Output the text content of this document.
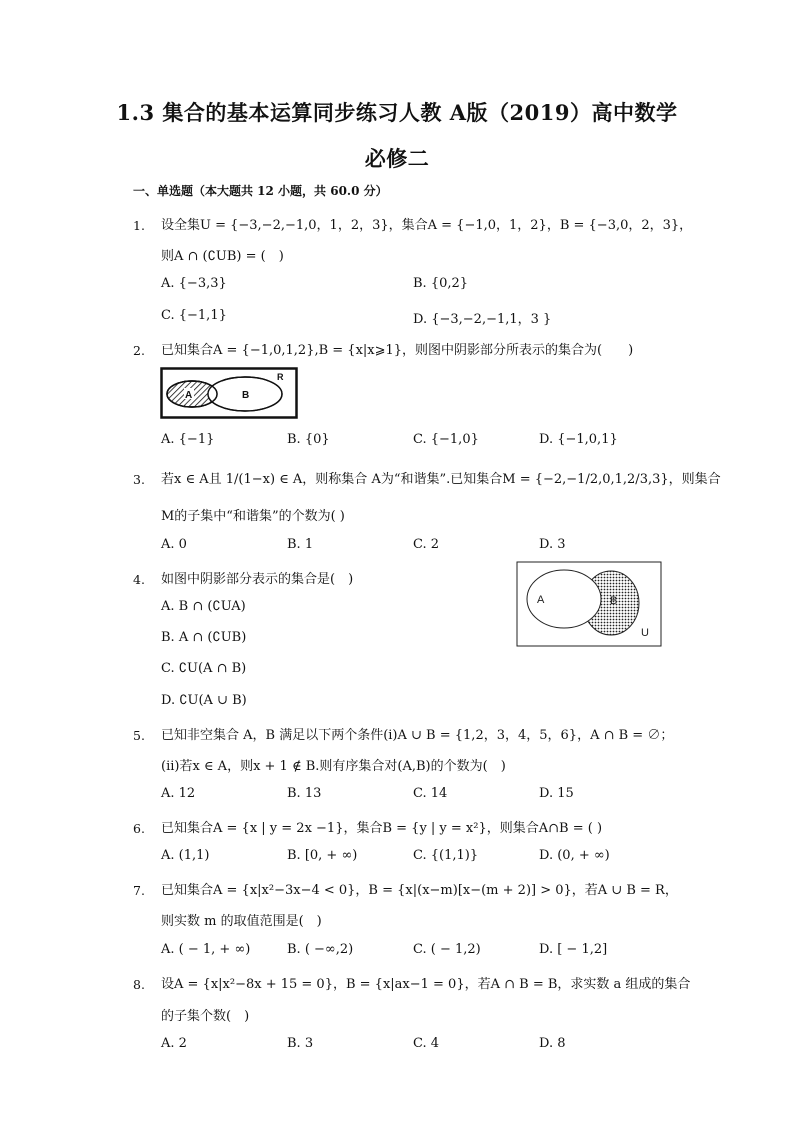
1.3 集合的基本运算同步练习人教 A版（2019）高中数学
必修二
一、单选题（本大题共 12 小题，共 60.0 分）
1. 设全集U = {−3,−2,−1,0，1，2，3}，集合A = {−1,0，1，2}，B = {−3,0，2，3}，
则A ∩ (∁UB) = (　)
A. {−3,3}	B. {0,2}
C. {−1,1}	D. {−3,−2,−1,1，3 }
2. 已知集合A = {−1,0,1,2},B = {x|x⩾1}，则图中阴影部分所表示的集合为(　　)
A	B
R
A. {−1}	B. {0}	C. {−1,0}	D. {−1,0,1}
3. 若x ∈ A且 1/(1−x) ∈ A，则称集合 A为“和谐集”.已知集合M = {−2,−1/2,0,1,2/3,3}，则集合
M的子集中“和谐集”的个数为( )
A. 0	B. 1	C. 2	D. 3
4. 如图中阴影部分表示的集合是(　)
A. B ∩ (∁UA)
B. A ∩ (∁UB)
C. ∁U(A ∩ B)
D. ∁U(A ∪ B)
A	B
U
5. 已知非空集合 A，B 满足以下两个条件(i)A ∪ B = {1,2，3，4，5，6}，A ∩ B = ∅；
(ii)若x ∈ A，则x + 1 ∉ B.则有序集合对(A,B)的个数为(　)
A. 12	B. 13	C. 14	D. 15
6. 已知集合A = {x | y = 2x −1}，集合B = {y | y = x²}，则集合A∩B = ( )
A. (1,1)	B. [0, + ∞)	C. {(1,1)}	D. (0, + ∞)
7. 已知集合A = {x|x²−3x−4 < 0}，B = {x|(x−m)[x−(m + 2)] > 0}，若A ∪ B = R，
则实数 m 的取值范围是(　)
A. ( − 1, + ∞)	B. ( −∞,2)	C. ( − 1,2)	D. [ − 1,2]
8. 设A = {x|x²−8x + 15 = 0}，B = {x|ax−1 = 0}，若A ∩ B = B，求实数 a 组成的集合
的子集个数(　)
A. 2	B. 3	C. 4	D. 8
